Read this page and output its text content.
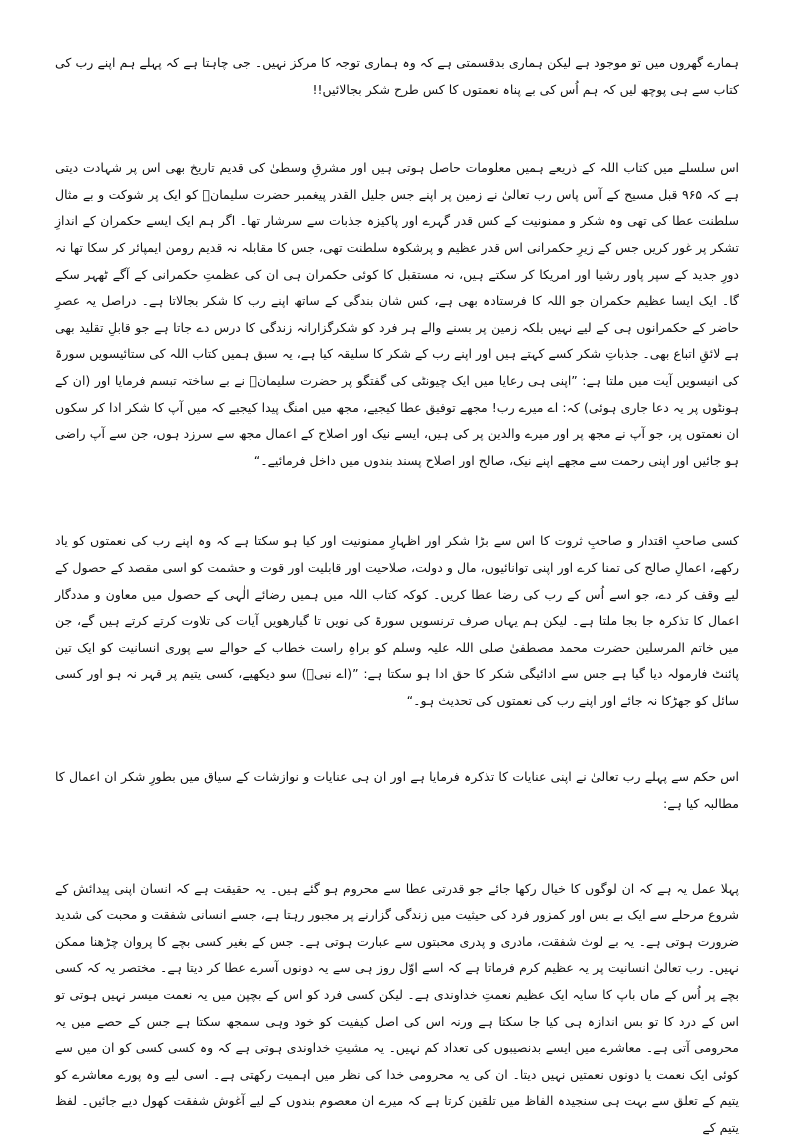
ہمارے گھروں میں تو موجود ہے لیکن ہماری بدقسمتی ہے کہ وہ ہماری توجہ کا مرکز نہیں۔ جی چاہتا ہے کہ پہلے ہم اپنے رب کی کتاب سے ہی پوچھ لیں کہ ہم اُس کی بے پناہ نعمتوں کا کس طرح شکر بجالائیں!!

اس سلسلے میں کتاب اللہ کے ذریعے ہمیں معلومات حاصل ہوتی ہیں اور مشرقِ وسطیٰ کی قدیم تاریخ بھی اس پر شہادت دیتی ہے کہ ۹۶۵ قبل مسیح کے آس پاس رب تعالیٰ نے زمین پر اپنے جس جلیل القدر پیغمبر حضرت سلیمانؑ کو ایک پر شوکت و بے مثال سلطنت عطا کی تھی وہ شکر و ممنونیت کے کس قدر گہرے اور پاکیزہ جذبات سے سرشار تھا۔ اگر ہم ایک ایسے حکمران کے اندازِ تشکر پر غور کریں جس کے زیرِ حکمرانی اس قدر عظیم و پرشکوہ سلطنت تھی، جس کا مقابلہ نہ قدیم رومن ایمپائر کر سکا تھا نہ دورِ جدید کے سپر پاور رشیا اور امریکا کر سکتے ہیں، نہ مستقبل کا کوئی حکمران ہی ان کی عظمتِ حکمرانی کے آگے ٹھہر سکے گا۔ ایک ایسا عظیم حکمران جو اللہ کا فرستادہ بھی ہے، کس شان بندگی کے ساتھ اپنے رب کا شکر بجالاتا ہے۔ دراصل یہ عصرِ حاضر کے حکمرانوں ہی کے لیے نہیں بلکہ زمین پر بسنے والے ہر فرد کو شکرگزارانہ زندگی کا درس دے جاتا ہے جو قابلِ تقلید بھی ہے لائقِ اتباع بھی۔ جذباتِ شکر کسے کہتے ہیں اور اپنے رب کے شکر کا سلیقہ کیا ہے، یہ سبق ہمیں کتاب اللہ کی ستائیسویں سورۃ کی انیسویں آیت میں ملتا ہے: ”اپنی ہی رعایا میں ایک چیونٹی کی گفتگو پر حضرت سلیمانؑ نے بے ساختہ تبسم فرمایا اور (ان کے ہونٹوں پر یہ دعا جاری ہوئی) کہ: اے میرے رب! مجھے توفیق عطا کیجیے، مجھ میں امنگ پیدا کیجیے کہ میں آپ کا شکر ادا کر سکوں ان نعمتوں پر، جو آپ نے مجھ پر اور میرے والدین پر کی ہیں، ایسے نیک اور اصلاح کے اعمال مجھ سے سرزد ہوں، جن سے آپ راضی ہو جائیں اور اپنی رحمت سے مجھے اپنے نیک، صالح اور اصلاح پسند بندوں میں داخل فرمائیے۔“

کسی صاحبِ اقتدار و صاحبِ ثروت کا اس سے بڑا شکر اور اظہارِ ممنونیت اور کیا ہو سکتا ہے کہ وہ اپنے رب کی نعمتوں کو یاد رکھے، اعمالِ صالح کی تمنا کرے اور اپنی توانائیوں، مال و دولت، صلاحیت اور قابلیت اور قوت و حشمت کو اسی مقصد کے حصول کے لیے وقف کر دے، جو اسے اُس کے رب کی رضا عطا کریں۔ کوکہ کتاب اللہ میں ہمیں رضائے الٰہی کے حصول میں معاون و مددگار اعمال کا تذکرہ جا بجا ملتا ہے۔ لیکن ہم یہاں صرف ترنسویں سورۃ کی نویں تا گیارھویں آیات کی تلاوت کرتے کرتے ہیں گے، جن میں خاتم المرسلین حضرت محمد مصطفیٰ صلی اللہ علیہ وسلم کو براہِ راست خطاب کے حوالے سے پوری انسانیت کو ایک تین پائنٹ فارمولہ دیا گیا ہے جس سے ادائیگی شکر کا حق ادا ہو سکتا ہے: ”(اے نبیؐ) سو دیکھیے، کسی یتیم پر قہر نہ ہو اور کسی سائل کو جھڑکا نہ جائے اور اپنے رب کی نعمتوں کی تحدیث ہو۔“

اس حکم سے پہلے رب تعالیٰ نے اپنی عنایات کا تذکرہ فرمایا ہے اور ان ہی عنایات و نوازشات کے سیاق میں بطورِ شکر ان اعمال کا مطالبہ کیا ہے:

پہلا عمل یہ ہے کہ ان لوگوں کا خیال رکھا جائے جو قدرتی عطا سے محروم ہو گئے ہیں۔ یہ حقیقت ہے کہ انسان اپنی پیدائش کے شروع مرحلے سے ایک بے بس اور کمزور فرد کی حیثیت میں زندگی گزارنے پر مجبور رہتا ہے، جسے انسانی شفقت و محبت کی شدید ضرورت ہوتی ہے۔ یہ بے لوث شفقت، مادری و پدری محبتوں سے عبارت ہوتی ہے۔ جس کے بغیر کسی بچے کا پروان چڑھنا ممکن نہیں۔ رب تعالیٰ انسانیت پر یہ عظیم کرم فرماتا ہے کہ اسے اوّل روز ہی سے یہ دونوں آسرے عطا کر دیتا ہے۔ مختصر یہ کہ کسی بچے پر اُس کے ماں باپ کا سایہ ایک عظیم نعمتِ خداوندی ہے۔ لیکن کسی فرد کو اس کے بچپن میں یہ نعمت میسر نہیں ہوتی تو اس کے درد کا تو بس اندازہ ہی کیا جا سکتا ہے ورنہ اس کی اصل کیفیت کو خود وہی سمجھ سکتا ہے جس کے حصے میں یہ محرومی آتی ہے۔ معاشرے میں ایسے بدنصیبوں کی تعداد کم نہیں۔ یہ مشیتِ خداوندی ہوتی ہے کہ وہ کسی کسی کو ان میں سے کوئی ایک نعمت یا دونوں نعمتیں نہیں دیتا۔ ان کی یہ محرومی خدا کی نظر میں اہمیت رکھتی ہے۔ اسی لیے وہ پورے معاشرے کو یتیم کے تعلق سے بہت ہی سنجیدہ الفاظ میں تلقین کرتا ہے کہ میرے ان معصوم بندوں کے لیے آغوش شفقت کھول دیے جائیں۔ لفظ یتیم کے
